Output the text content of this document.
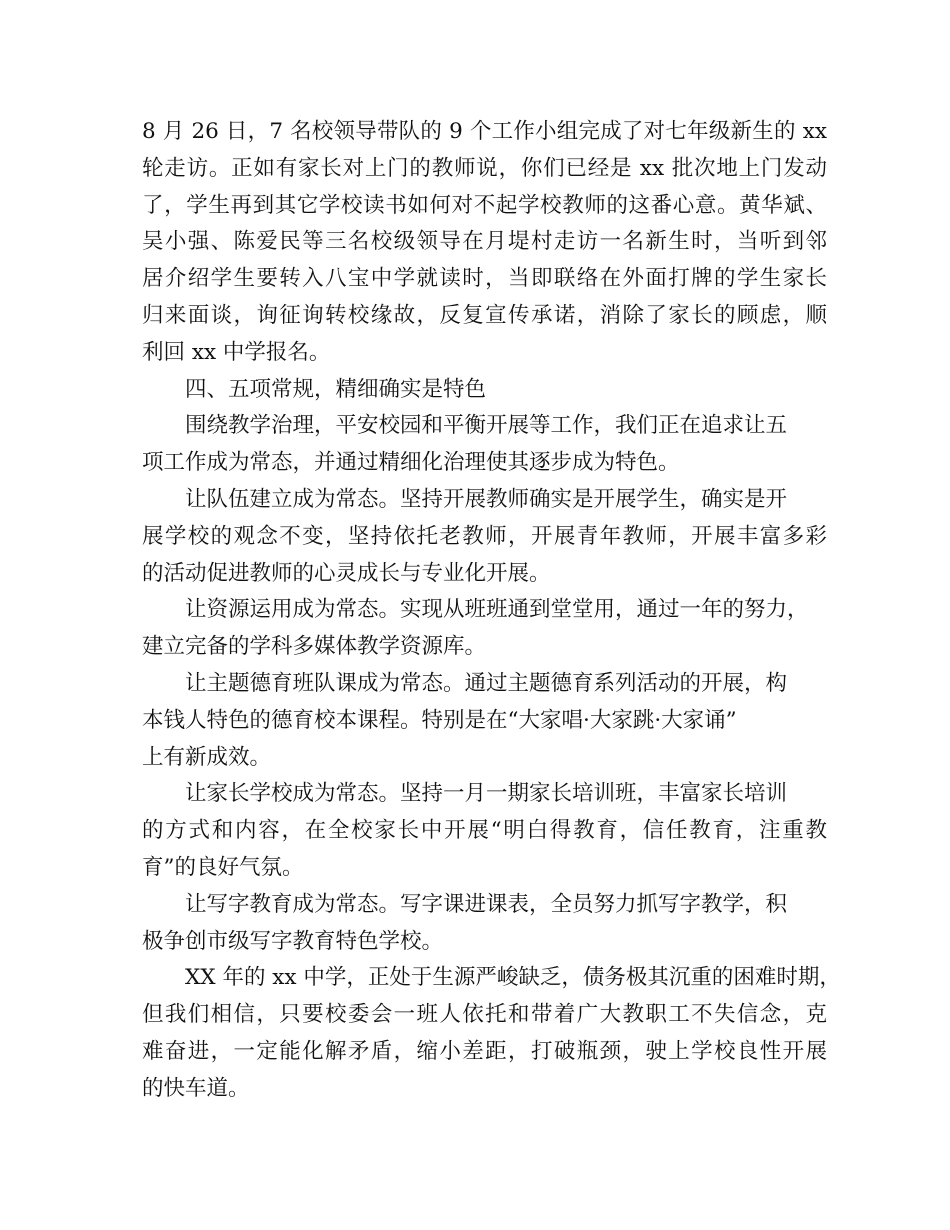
8 月 26 日，7 名校领导带队的 9 个工作小组完成了对七年级新生的 xx
轮走访。正如有家长对上门的教师说，你们已经是 xx 批次地上门发动
了，学生再到其它学校读书如何对不起学校教师的这番心意。黄华斌、
吴小强、陈爱民等三名校级领导在月堤村走访一名新生时，当听到邻
居介绍学生要转入八宝中学就读时，当即联络在外面打牌的学生家长
归来面谈，询征询转校缘故，反复宣传承诺，消除了家长的顾虑，顺
利回 xx 中学报名。
四、五项常规，精细确实是特色
围绕教学治理，平安校园和平衡开展等工作，我们正在追求让五
项工作成为常态，并通过精细化治理使其逐步成为特色。
让队伍建立成为常态。坚持开展教师确实是开展学生，确实是开
展学校的观念不变，坚持依托老教师，开展青年教师，开展丰富多彩
的活动促进教师的心灵成长与专业化开展。
让资源运用成为常态。实现从班班通到堂堂用，通过一年的努力，
建立完备的学科多媒体教学资源库。
让主题德育班队课成为常态。通过主题德育系列活动的开展，构
本钱人特色的德育校本课程。特别是在“大家唱·大家跳·大家诵”
上有新成效。
让家长学校成为常态。坚持一月一期家长培训班，丰富家长培训
的方式和内容，在全校家长中开展“明白得教育，信任教育，注重教
育”的良好气氛。
让写字教育成为常态。写字课进课表，全员努力抓写字教学，积
极争创市级写字教育特色学校。
XX 年的 xx 中学，正处于生源严峻缺乏，债务极其沉重的困难时期，
但我们相信，只要校委会一班人依托和带着广大教职工不失信念，克
难奋进，一定能化解矛盾，缩小差距，打破瓶颈，驶上学校良性开展
的快车道。
